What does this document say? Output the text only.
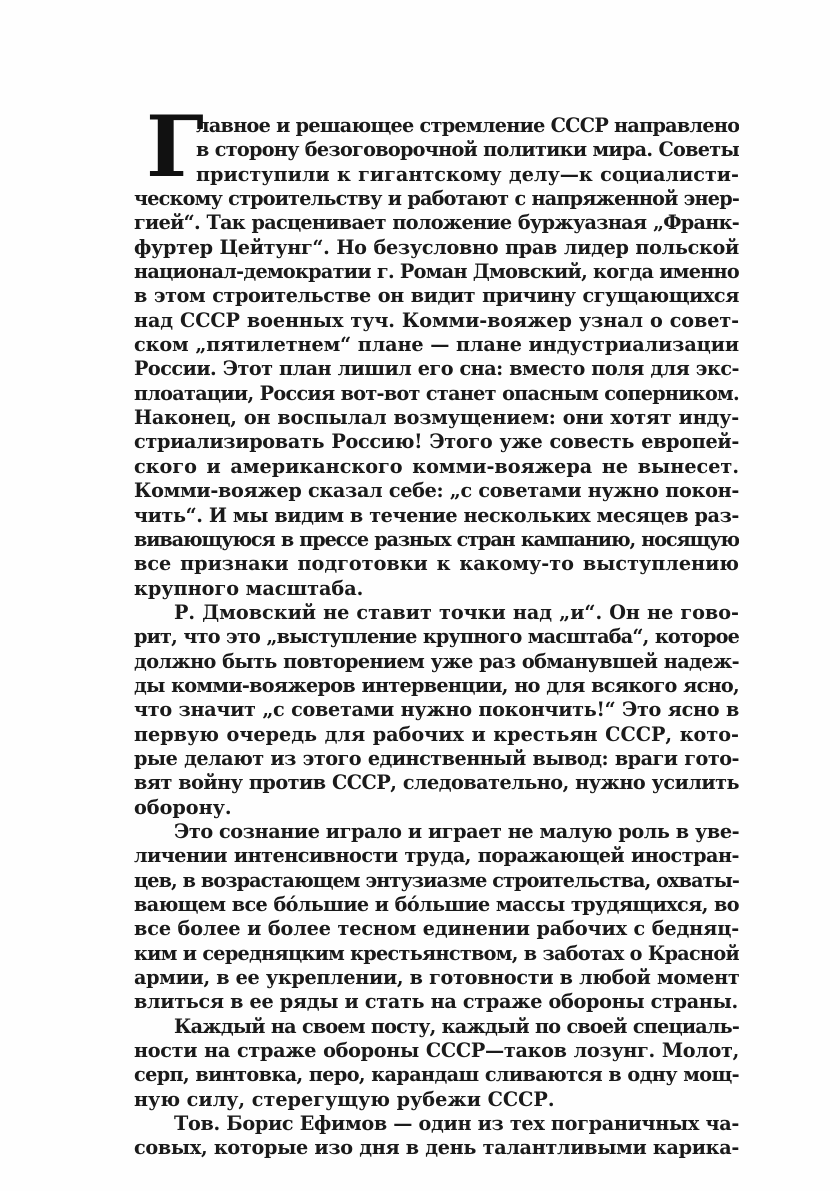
Г
лавное и решающее стремление СССР направлено
в сторону безоговорочной политики мира. Советы
приступили к гигантскому делу—к социалисти-
ческому строительству и работают с напряженной энер-
гией“. Так расценивает положение буржуазная „Франк-
фуртер Цейтунг“. Но безусловно прав лидер польской
национал-демократии г. Роман Дмовский, когда именно
в этом строительстве он видит причину сгущающихся
над СССР военных туч. Комми-вояжер узнал о совет-
ском „пятилетнем“ плане — плане индустриализации
России. Этот план лишил его сна: вместо поля для экс-
плоатации, Россия вот-вот станет опасным соперником.
Наконец, он воспылал возмущением: они хотят инду-
стриализировать Россию! Этого уже совесть европей-
ского и американского комми-вояжера не вынесет.
Комми-вояжер сказал себе: „с советами нужно покон-
чить“. И мы видим в течение нескольких месяцев раз-
вивающуюся в прессе разных стран кампанию, носящую
все признаки подготовки к какому-то выступлению
крупного масштаба.
Р. Дмовский не ставит точки над „и“. Он не гово-
рит, что это „выступление крупного масштаба“, которое
должно быть повторением уже раз обманувшей надеж-
ды комми-вояжеров интервенции, но для всякого ясно,
что значит „с советами нужно покончить!“ Это ясно в
первую очередь для рабочих и крестьян СССР, кото-
рые делают из этого единственный вывод: враги гото-
вят войну против СССР, следовательно, нужно усилить
оборону.
Это сознание играло и играет не малую роль в уве-
личении интенсивности труда, поражающей иностран-
цев, в возрастающем энтузиазме строительства, охваты-
вающем все бо́льшие и бо́льшие массы трудящихся, во
все более и более тесном единении рабочих с бедняц-
ким и середняцким крестьянством, в заботах о Красной
армии, в ее укреплении, в готовности в любой момент
влиться в ее ряды и стать на страже обороны страны.
Каждый на своем посту, каждый по своей специаль-
ности на страже обороны СССР—таков лозунг. Молот,
серп, винтовка, перо, карандаш сливаются в одну мощ-
ную силу, стерегущую рубежи СССР.
Тов. Борис Ефимов — один из тех пограничных ча-
совых, которые изо дня в день талантливыми карика-
